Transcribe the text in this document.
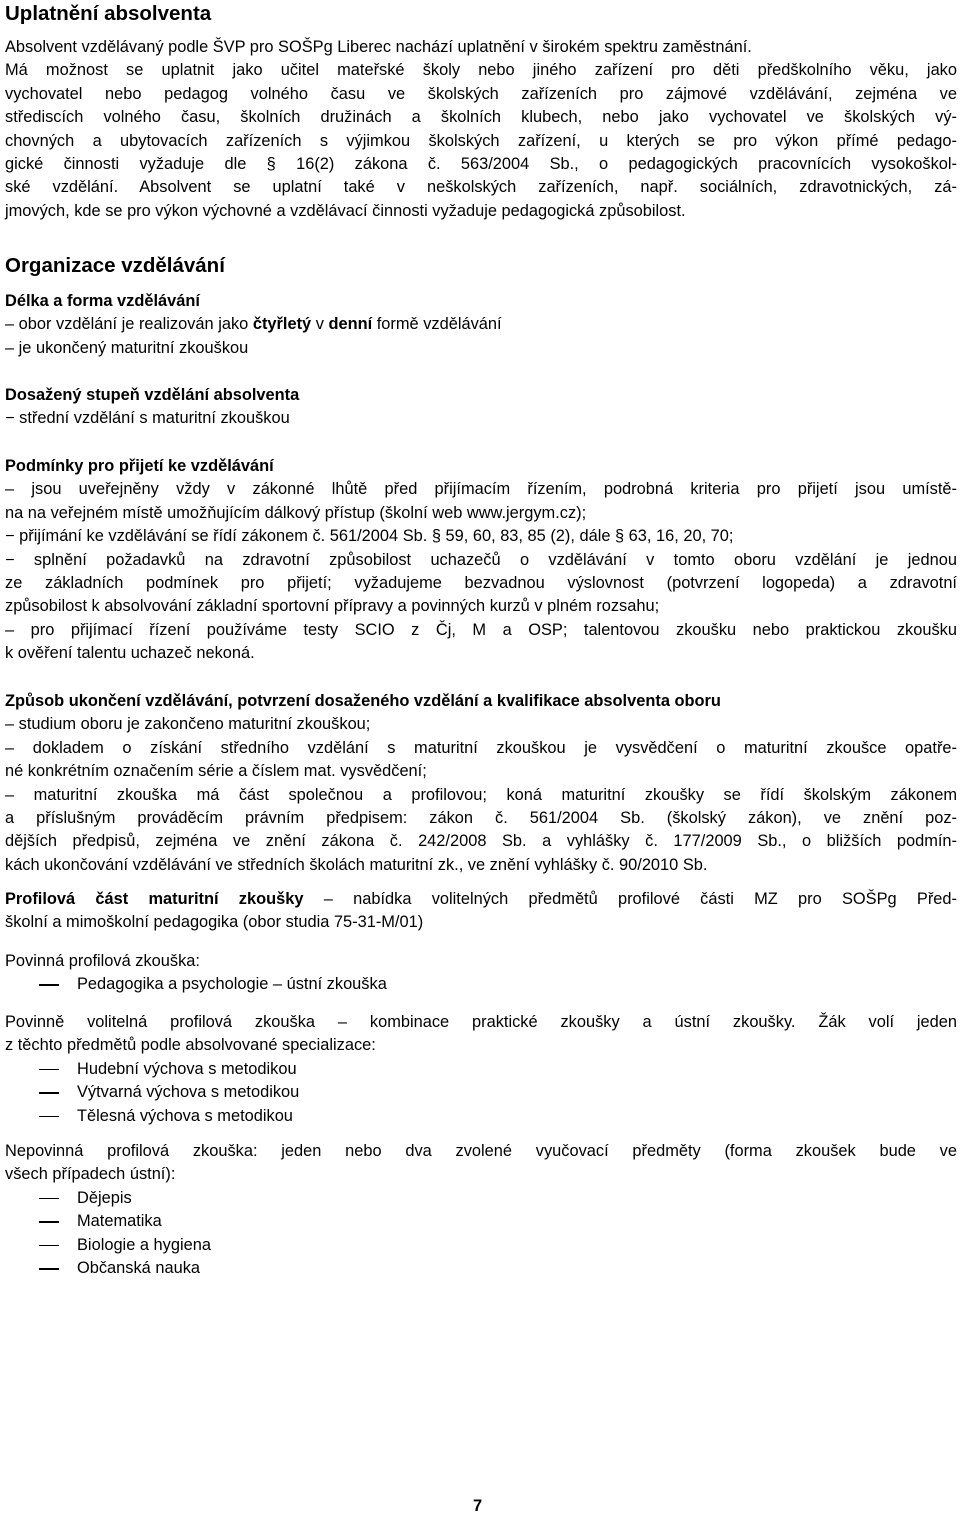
Uplatnění absolventa
Absolvent vzdělávaný podle ŠVP pro SOŠPg Liberec nachází uplatnění v širokém spektru zaměstnání.
Má možnost se uplatnit jako učitel mateřské školy nebo jiného zařízení pro děti předškolního věku, jako
vychovatel nebo pedagog volného času ve školských zařízeních pro zájmové vzdělávání, zejména ve
střediscích volného času, školních družinách a školních klubech, nebo jako vychovatel ve školských vý-
chovných a ubytovacích zařízeních s výjimkou školských zařízení, u kterých se pro výkon přímé pedago-
gické činnosti vyžaduje dle § 16(2) zákona č. 563/2004 Sb., o pedagogických pracovnících vysokoškol-
ské vzdělání. Absolvent se uplatní také v neškolských zařízeních, např. sociálních, zdravotnických, zá-
jmových, kde se pro výkon výchovné a vzdělávací činnosti vyžaduje pedagogická způsobilost.
Organizace vzdělávání
Délka a forma vzdělávání
– obor vzdělání je realizován jako čtyřletý v denní formě vzdělávání
– je ukončený maturitní zkouškou
Dosažený stupeň vzdělání absolventa
− střední vzdělání s maturitní zkouškou
Podmínky pro přijetí ke vzdělávání
– jsou uveřejněny vždy v zákonné lhůtě před přijímacím řízením, podrobná kriteria pro přijetí jsou umístě-
na na veřejném místě umožňujícím dálkový přístup (školní web www.jergym.cz);
− přijímání ke vzdělávání se řídí zákonem č. 561/2004 Sb. § 59, 60, 83, 85 (2), dále § 63, 16, 20, 70;
− splnění požadavků na zdravotní způsobilost uchazečů o vzdělávání v tomto oboru vzdělání je jednou
ze základních podmínek pro přijetí; vyžadujeme bezvadnou výslovnost (potvrzení logopeda) a zdravotní
způsobilost k absolvování základní sportovní přípravy a povinných kurzů v plném rozsahu;
– pro přijímací řízení používáme testy SCIO z Čj, M a OSP; talentovou zkoušku nebo praktickou zkoušku
k ověření talentu uchazeč nekoná.
Způsob ukončení vzdělávání, potvrzení dosaženého vzdělání a kvalifikace absolventa oboru
– studium oboru je zakončeno maturitní zkouškou;
– dokladem o získání středního vzdělání s maturitní zkouškou je vysvědčení o maturitní zkoušce opatře-
né konkrétním označením série a číslem mat. vysvědčení;
– maturitní zkouška má část společnou a profilovou; koná maturitní zkoušky se řídí školským zákonem
a příslušným prováděcím právním předpisem: zákon č. 561/2004 Sb. (školský zákon), ve znění poz-
dějších předpisů, zejména ve znění zákona č. 242/2008 Sb. a vyhlášky č. 177/2009 Sb., o bližších podmín-
kách ukončování vzdělávání ve středních školách maturitní zk., ve znění vyhlášky č. 90/2010 Sb.
Profilová část maturitní zkoušky – nabídka volitelných předmětů profilové části MZ pro SOŠPg Před-
školní a mimoškolní pedagogika (obor studia 75-31-M/01)
Povinná profilová zkouška:
Pedagogika a psychologie – ústní zkouška
Povinně volitelná profilová zkouška – kombinace praktické zkoušky a ústní zkoušky. Žák volí jeden
z těchto předmětů podle absolvované specializace:
Hudební výchova s metodikou
Výtvarná výchova s metodikou
Tělesná výchova s metodikou
Nepovinná profilová zkouška: jeden nebo dva zvolené vyučovací předměty (forma zkoušek bude ve
všech případech ústní):
Dějepis
Matematika
Biologie a hygiena
Občanská nauka
7
